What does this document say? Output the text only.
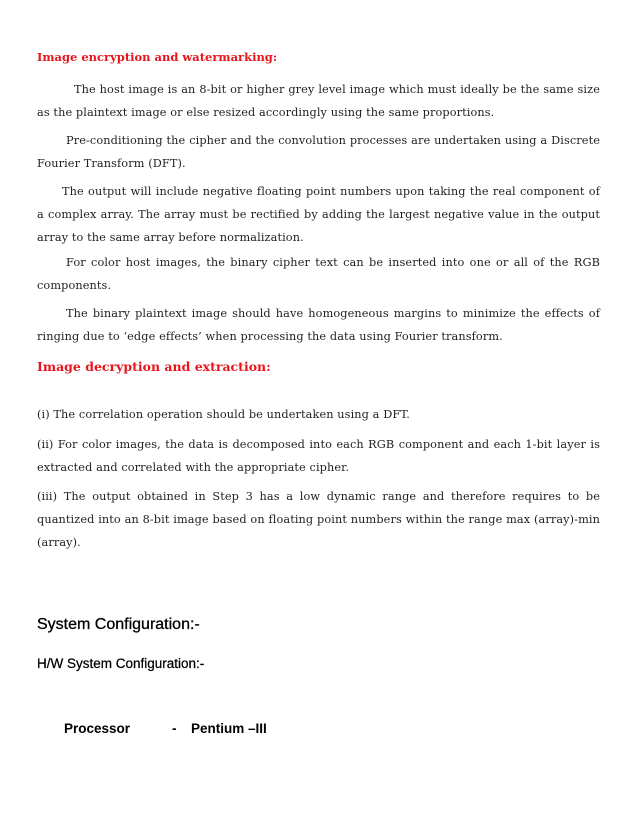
Image encryption and watermarking:

The host image is an 8-bit or higher grey level image which must ideally be the same size as the plaintext image or else resized accordingly using the same proportions.

Pre-conditioning the cipher and the convolution processes are undertaken using a Discrete Fourier Transform (DFT).

The output will include negative floating point numbers upon taking the real component of a complex array. The array must be rectified by adding the largest negative value in the output array to the same array before normalization.

For color host images, the binary cipher text can be inserted into one or all of the RGB components.

The binary plaintext image should have homogeneous margins to minimize the effects of ringing due to ‘edge effects’ when processing the data using Fourier transform.

Image decryption and extraction:

(i) The correlation operation should be undertaken using a DFT.

(ii) For color images, the data is decomposed into each RGB component and each 1-bit layer is extracted and correlated with the appropriate cipher.

(iii) The output obtained in Step 3 has a low dynamic range and therefore requires to be quantized into an 8-bit image based on floating point numbers within the range max (array)-min (array).

System Configuration:-
H/W System Configuration:-
Processor	-	Pentium –III
